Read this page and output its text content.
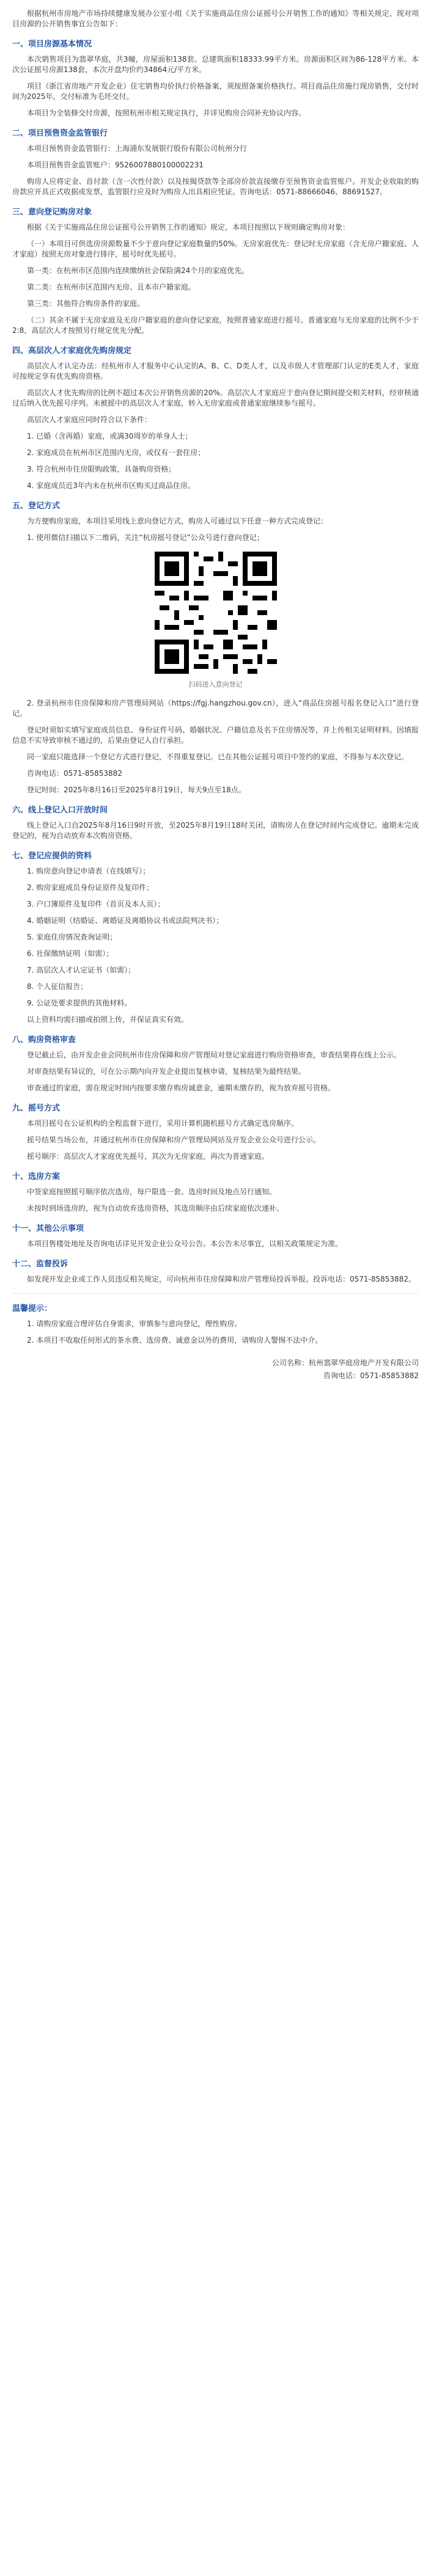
根据杭州市房地产市场持续健康发展办公室小组《关于实施商品住房公证摇号公开销售工作的通知》等相关规定，现对项目房源的公开销售事宜公告如下：

一、项目房源基本情况

本次销售项目为翡翠华庭，共3幢，房屋面积138套。总建筑面积18333.99平方米。房源面积区间为86-128平方米。本次公证摇号房源138套，本次开盘均价约34864元/平方米。

项目（浙江省房地产开发企业）住宅销售均价执行价格备案，须按照备案价格执行。项目商品住房施行现房销售，交付时间为2025年，交付标准为毛坯交付。

本项目为全装修交付房源，按照杭州市相关规定执行，并详见购房合同补充协议内容。

二、项目预售资金监管银行

本项目预售资金监管银行：上海浦东发展银行股份有限公司杭州分行

本项目预售资金监管账户：9526007880100002231

购房人应将定金、首付款（含一次性付款）以及按揭贷款等全部房价款直接缴存至预售资金监管账户。开发企业收取的购房款应开具正式收据或发票，监管银行应及时为购房人出具相应凭证。咨询电话：0571-88666046、88691527。

三、意向登记购房对象

根据《关于实施商品住房公证摇号公开销售工作的通知》规定，本项目按照以下规则确定购房对象：

（一）本项目可供选房房源数量不少于意向登记家庭数量的50%。无房家庭优先：登记时无房家庭（含无房户籍家庭、人才家庭）按照无房对象进行排序，摇号时优先摇号。

第一类：在杭州市区范围内连续缴纳社会保险满24个月的家庭优先。

第二类：在杭州市区范围内无房、且本市户籍家庭。

第三类：其他符合购房条件的家庭。

（二）其余不属于无房家庭及无房户籍家庭的意向登记家庭，按照普通家庭进行摇号。普通家庭与无房家庭的比例不少于2:8，高层次人才按照另行规定优先分配。

四、高层次人才家庭优先购房规定

高层次人才认定办法：经杭州市人才服务中心认定的A、B、C、D类人才，以及市级人才管理部门认定的E类人才，家庭可按规定享有优先购房资格。

高层次人才优先购房的比例不超过本次公开销售房源的20%。高层次人才家庭应于意向登记期间提交相关材料，经审核通过后纳入优先摇号序列。未被摇中的高层次人才家庭，转入无房家庭或普通家庭继续参与摇号。

高层次人才家庭应同时符合以下条件：

1. 已婚（含再婚）家庭，或满30周岁的单身人士；

2. 家庭成员在杭州市区范围内无房，或仅有一套住房；

3. 符合杭州市住房限购政策，具备购房资格；

4. 家庭成员近3年内未在杭州市区购买过商品住房。

五、登记方式

为方便购房家庭，本项目采用线上意向登记方式，购房人可通过以下任意一种方式完成登记：

1. 使用微信扫描以下二维码，关注“杭房摇号登记”公众号进行意向登记；

扫码进入意向登记

2. 登录杭州市住房保障和房产管理局网站（https://fgj.hangzhou.gov.cn），进入“商品住房摇号报名登记入口”进行登记。

登记时须如实填写家庭成员信息、身份证件号码、婚姻状况、户籍信息及名下住房情况等，并上传相关证明材料。因填报信息不实导致审核不通过的，后果由登记人自行承担。

同一家庭只能选择一个登记方式进行登记，不得重复登记。已在其他公证摇号项目中签约的家庭，不得参与本次登记。

咨询电话：0571-85853882

登记时间：2025年8月16日至2025年8月19日，每天9点至18点。

六、线上登记入口开放时间

线上登记入口自2025年8月16日9时开放，至2025年8月19日18时关闭，请购房人在登记时间内完成登记。逾期未完成登记的，视为自动放弃本次购房资格。

七、登记应提供的资料

1. 购房意向登记申请表（在线填写）；

2. 购房家庭成员身份证原件及复印件；

3. 户口簿原件及复印件（首页及本人页）；

4. 婚姻证明（结婚证、离婚证及离婚协议书或法院判决书）；

5. 家庭住房情况查询证明；

6. 社保缴纳证明（如需）；

7. 高层次人才认定证书（如需）；

8. 个人征信报告；

9. 公证处要求提供的其他材料。

以上资料均需扫描或拍照上传，并保证真实有效。

八、购房资格审查

登记截止后，由开发企业会同杭州市住房保障和房产管理局对登记家庭进行购房资格审查，审查结果将在线上公示。

对审查结果有异议的，可在公示期内向开发企业提出复核申请，复核结果为最终结果。

审查通过的家庭，需在规定时间内按要求缴存购房诚意金，逾期未缴存的，视为放弃摇号资格。

九、摇号方式

本项目摇号在公证机构的全程监督下进行，采用计算机随机摇号方式确定选房顺序。

摇号结果当场公布，并通过杭州市住房保障和房产管理局网站及开发企业公众号进行公示。

摇号顺序：高层次人才家庭优先摇号，其次为无房家庭，再次为普通家庭。

十、选房方案

中签家庭按照摇号顺序依次选房，每户限选一套。选房时间及地点另行通知。

未按时到场选房的，视为自动放弃选房资格，其选房顺序由后续家庭依次递补。

十一、其他公示事项

本项目售楼处地址及咨询电话详见开发企业公众号公告。本公告未尽事宜，以相关政策规定为准。

十二、监督投诉

如发现开发企业或工作人员违反相关规定，可向杭州市住房保障和房产管理局投诉举报。投诉电话：0571-85853882。

温馨提示：

1. 请购房家庭合理评估自身需求，审慎参与意向登记，理性购房。

2. 本项目不收取任何形式的茶水费、选房费、诚意金以外的费用，请购房人警惕不法中介。

公司名称：杭州翡翠华庭房地产开发有限公司
咨询电话：0571-85853882
